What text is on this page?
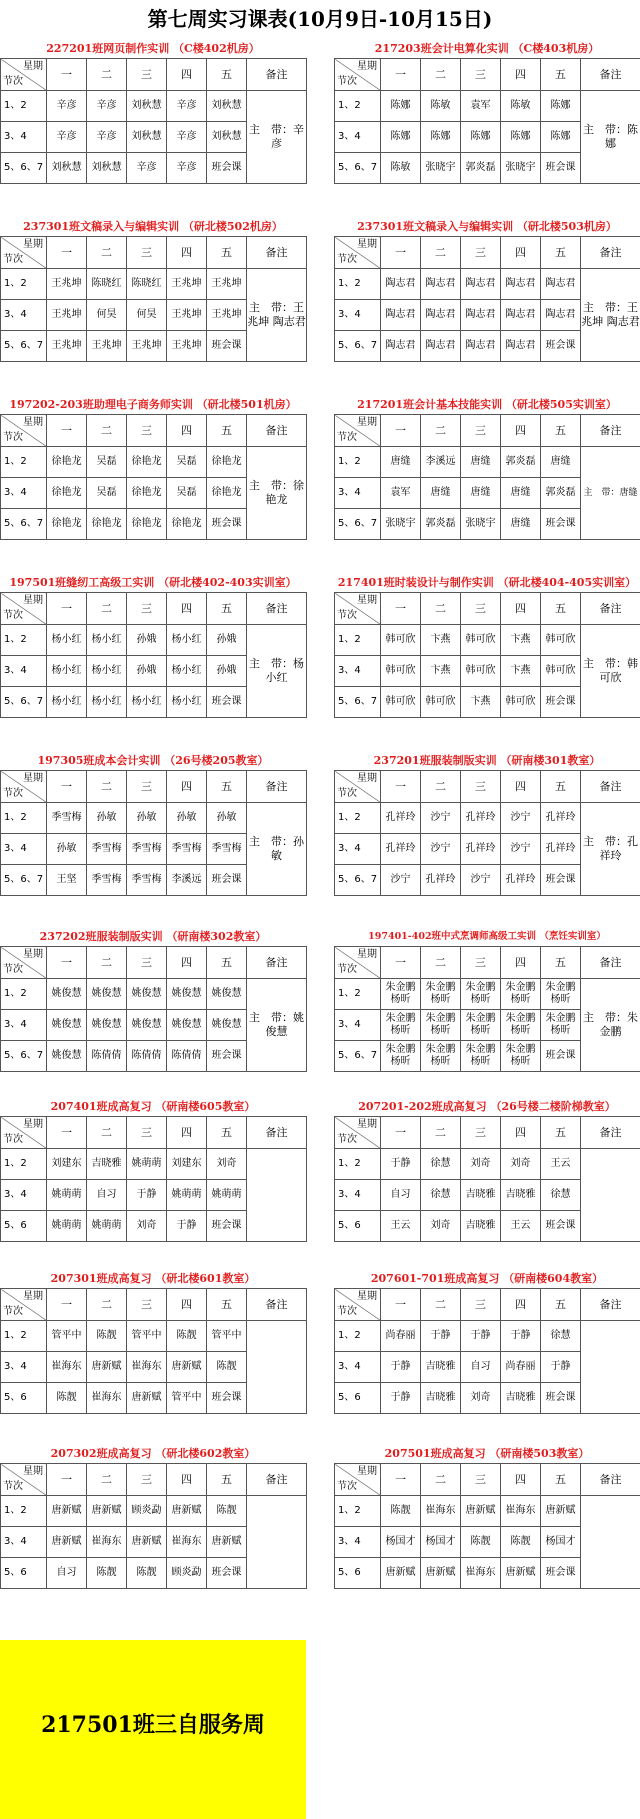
第七周实习课表(10月9日-10月15日)
227201班网页制作实训 （C楼402机房）
星期
节次	一	二	三	四	五	备注
1、2	辛彦	辛彦	刘秋慧	辛彦	刘秋慧	主　带：辛彦
3、4	辛彦	辛彦	刘秋慧	辛彦	刘秋慧	
5、6、7	刘秋慧	刘秋慧	辛彦	辛彦	班会课	
217203班会计电算化实训 （C楼403机房）
星期
节次	一	二	三	四	五	备注
1、2	陈娜	陈敏	袁军	陈敏	陈娜	主　带：陈娜
3、4	陈娜	陈娜	陈娜	陈娜	陈娜	
5、6、7	陈敏	张晓宇	郭炎磊	张晓宇	班会课	
237301班文稿录入与编辑实训 （研北楼502机房）
星期
节次	一	二	三	四	五	备注
1、2	王兆坤	陈晓红	陈晓红	王兆坤	王兆坤	主　带：王兆坤 陶志君
3、4	王兆坤	何昊	何昊	王兆坤	王兆坤	
5、6、7	王兆坤	王兆坤	王兆坤	王兆坤	班会课	
237301班文稿录入与编辑实训 （研北楼503机房）
星期
节次	一	二	三	四	五	备注
1、2	陶志君	陶志君	陶志君	陶志君	陶志君	主　带：王兆坤 陶志君
3、4	陶志君	陶志君	陶志君	陶志君	陶志君	
5、6、7	陶志君	陶志君	陶志君	陶志君	班会课	
197202-203班助理电子商务师实训 （研北楼501机房）
星期
节次	一	二	三	四	五	备注
1、2	徐艳龙	吴磊	徐艳龙	吴磊	徐艳龙	主　带：徐艳龙
3、4	徐艳龙	吴磊	徐艳龙	吴磊	徐艳龙	
5、6、7	徐艳龙	徐艳龙	徐艳龙	徐艳龙	班会课	
217201班会计基本技能实训 （研北楼505实训室）
星期
节次	一	二	三	四	五	备注
1、2	唐缝	李溪远	唐缝	郭炎磊	唐缝	主　带：唐缝
3、4	袁军	唐缝	唐缝	唐缝	郭炎磊	
5、6、7	张晓宇	郭炎磊	张晓宇	唐缝	班会课	
197501班缝纫工高级工实训 （研北楼402-403实训室）
星期
节次	一	二	三	四	五	备注
1、2	杨小红	杨小红	孙娥	杨小红	孙娥	主　带：杨小红
3、4	杨小红	杨小红	孙娥	杨小红	孙娥	
5、6、7	杨小红	杨小红	杨小红	杨小红	班会课	
217401班时装设计与制作实训 （研北楼404-405实训室）
星期
节次	一	二	三	四	五	备注
1、2	韩可欣	卞燕	韩可欣	卞燕	韩可欣	主　带：韩可欣
3、4	韩可欣	卞燕	韩可欣	卞燕	韩可欣	
5、6、7	韩可欣	韩可欣	卞燕	韩可欣	班会课	
197305班成本会计实训 （26号楼205教室）
星期
节次	一	二	三	四	五	备注
1、2	季雪梅	孙敏	孙敏	孙敏	孙敏	主　带：孙敏
3、4	孙敏	季雪梅	季雪梅	季雪梅	季雪梅	
5、6、7	王坚	季雪梅	季雪梅	李溪远	班会课	
237201班服装制版实训 （研南楼301教室）
星期
节次	一	二	三	四	五	备注
1、2	孔祥玲	沙宁	孔祥玲	沙宁	孔祥玲	主　带：孔祥玲
3、4	孔祥玲	沙宁	孔祥玲	沙宁	孔祥玲	
5、6、7	沙宁	孔祥玲	沙宁	孔祥玲	班会课	
237202班服装制版实训 （研南楼302教室）
星期
节次	一	二	三	四	五	备注
1、2	姚俊慧	姚俊慧	姚俊慧	姚俊慧	姚俊慧	主　带：姚俊慧
3、4	姚俊慧	姚俊慧	姚俊慧	姚俊慧	姚俊慧	
5、6、7	姚俊慧	陈倩倩	陈倩倩	陈倩倩	班会课	
197401-402班中式烹调师高级工实训 （烹饪实训室）
星期
节次	一	二	三	四	五	备注
1、2	朱金鹏 杨昕	朱金鹏 杨昕	朱金鹏 杨昕	朱金鹏 杨昕	朱金鹏 杨昕	主　带：朱金鹏
3、4	朱金鹏 杨昕	朱金鹏 杨昕	朱金鹏 杨昕	朱金鹏 杨昕	朱金鹏 杨昕	
5、6、7	朱金鹏 杨昕	朱金鹏 杨昕	朱金鹏 杨昕	朱金鹏 杨昕	班会课	
207401班成高复习 （研南楼605教室）
星期
节次	一	二	三	四	五	备注
1、2	刘建东	吉晓雅	姚萌萌	刘建东	刘奇	
3、4	姚萌萌	自习	于静	姚萌萌	姚萌萌	
5、6	姚萌萌	姚萌萌	刘奇	于静	班会课	
207201-202班成高复习 （26号楼二楼阶梯教室）
星期
节次	一	二	三	四	五	备注
1、2	于静	徐慧	刘奇	刘奇	王云	
3、4	自习	徐慧	吉晓雅	吉晓雅	徐慧	
5、6	王云	刘奇	吉晓雅	王云	班会课	
207301班成高复习 （研北楼601教室）
星期
节次	一	二	三	四	五	备注
1、2	管平中	陈靓	管平中	陈靓	管平中	
3、4	崔海东	唐新赋	崔海东	唐新赋	陈靓	
5、6	陈靓	崔海东	唐新赋	管平中	班会课	
207601-701班成高复习 （研南楼604教室）
星期
节次	一	二	三	四	五	备注
1、2	尚春丽	于静	于静	于静	徐慧	
3、4	于静	吉晓雅	自习	尚春丽	于静	
5、6	于静	吉晓雅	刘奇	吉晓雅	班会课	
207302班成高复习 （研北楼602教室）
星期
节次	一	二	三	四	五	备注
1、2	唐新赋	唐新赋	顾炎勐	唐新赋	陈靓	
3、4	唐新赋	崔海东	唐新赋	崔海东	唐新赋	
5、6	自习	陈靓	陈靓	顾炎勐	班会课	
207501班成高复习 （研南楼503教室）
星期
节次	一	二	三	四	五	备注
1、2	陈靓	崔海东	唐新赋	崔海东	唐新赋	
3、4	杨国才	杨国才	陈靓	陈靓	杨国才	
5、6	唐新赋	唐新赋	崔海东	唐新赋	班会课	
217501班三自服务周
